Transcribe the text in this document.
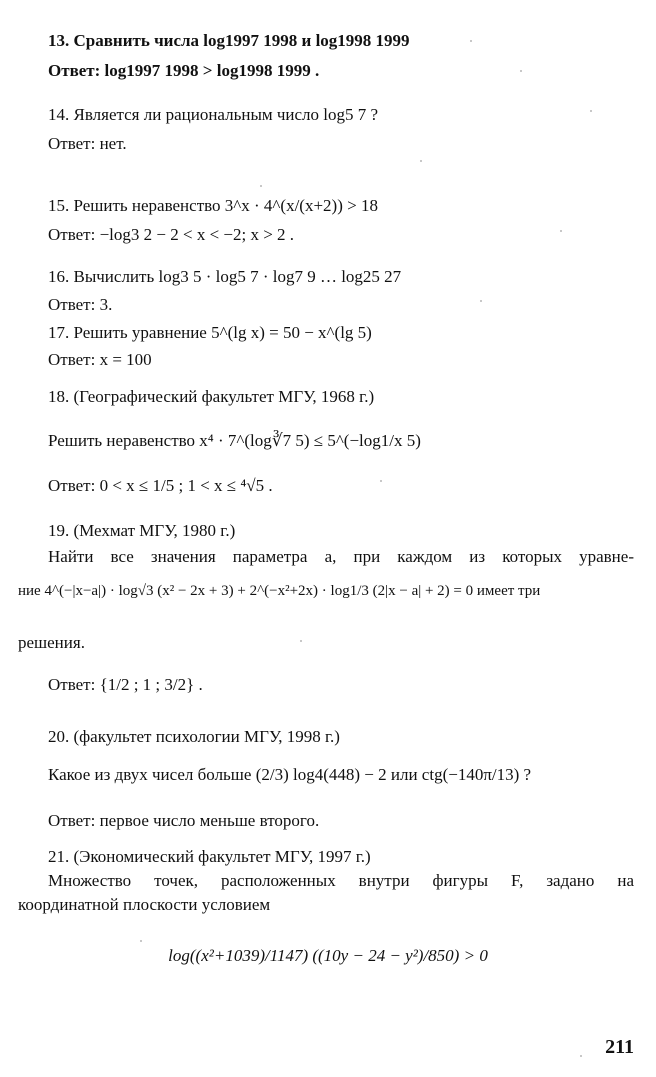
13. Сравнить числа log1997 1998 и log1998 1999
Ответ: log1997 1998 > log1998 1999 .
14. Является ли рациональным число log5 7 ?
Ответ: нет.
15. Решить неравенство 3^x · 4^(x/(x+2)) > 18
Ответ: −log3 2 − 2 < x < −2; x > 2 .
16. Вычислить log3 5 · log5 7 · log7 9 … log25 27
Ответ: 3.
17. Решить уравнение 5^(lg x) = 50 − x^(lg 5)
Ответ: x = 100
18. (Географический факультет МГУ, 1968 г.)
Решить неравенство x⁴ · 7^(log∛7 5) ≤ 5^(−log1/x 5)
Ответ: 0 < x ≤ 1/5 ; 1 < x ≤ ⁴√5 .
19. (Мехмат МГУ, 1980 г.)
Найти все значения параметра a, при каждом из которых уравне-
ние 4^(−|x−a|) · log√3 (x² − 2x + 3) + 2^(−x²+2x) · log1/3 (2|x − a| + 2) = 0 имеет три
решения.
Ответ: {1/2 ; 1 ; 3/2} .
20. (факультет психологии МГУ, 1998 г.)
Какое из двух чисел больше (2/3) log4(448) − 2 или ctg(−140π/13) ?
Ответ: первое число меньше второго.
21. (Экономический факультет МГУ, 1997 г.)
Множество точек, расположенных внутри фигуры F, задано на
координатной плоскости условием
log((x²+1039)/1147) ((10y − 24 − y²)/850) > 0
211
